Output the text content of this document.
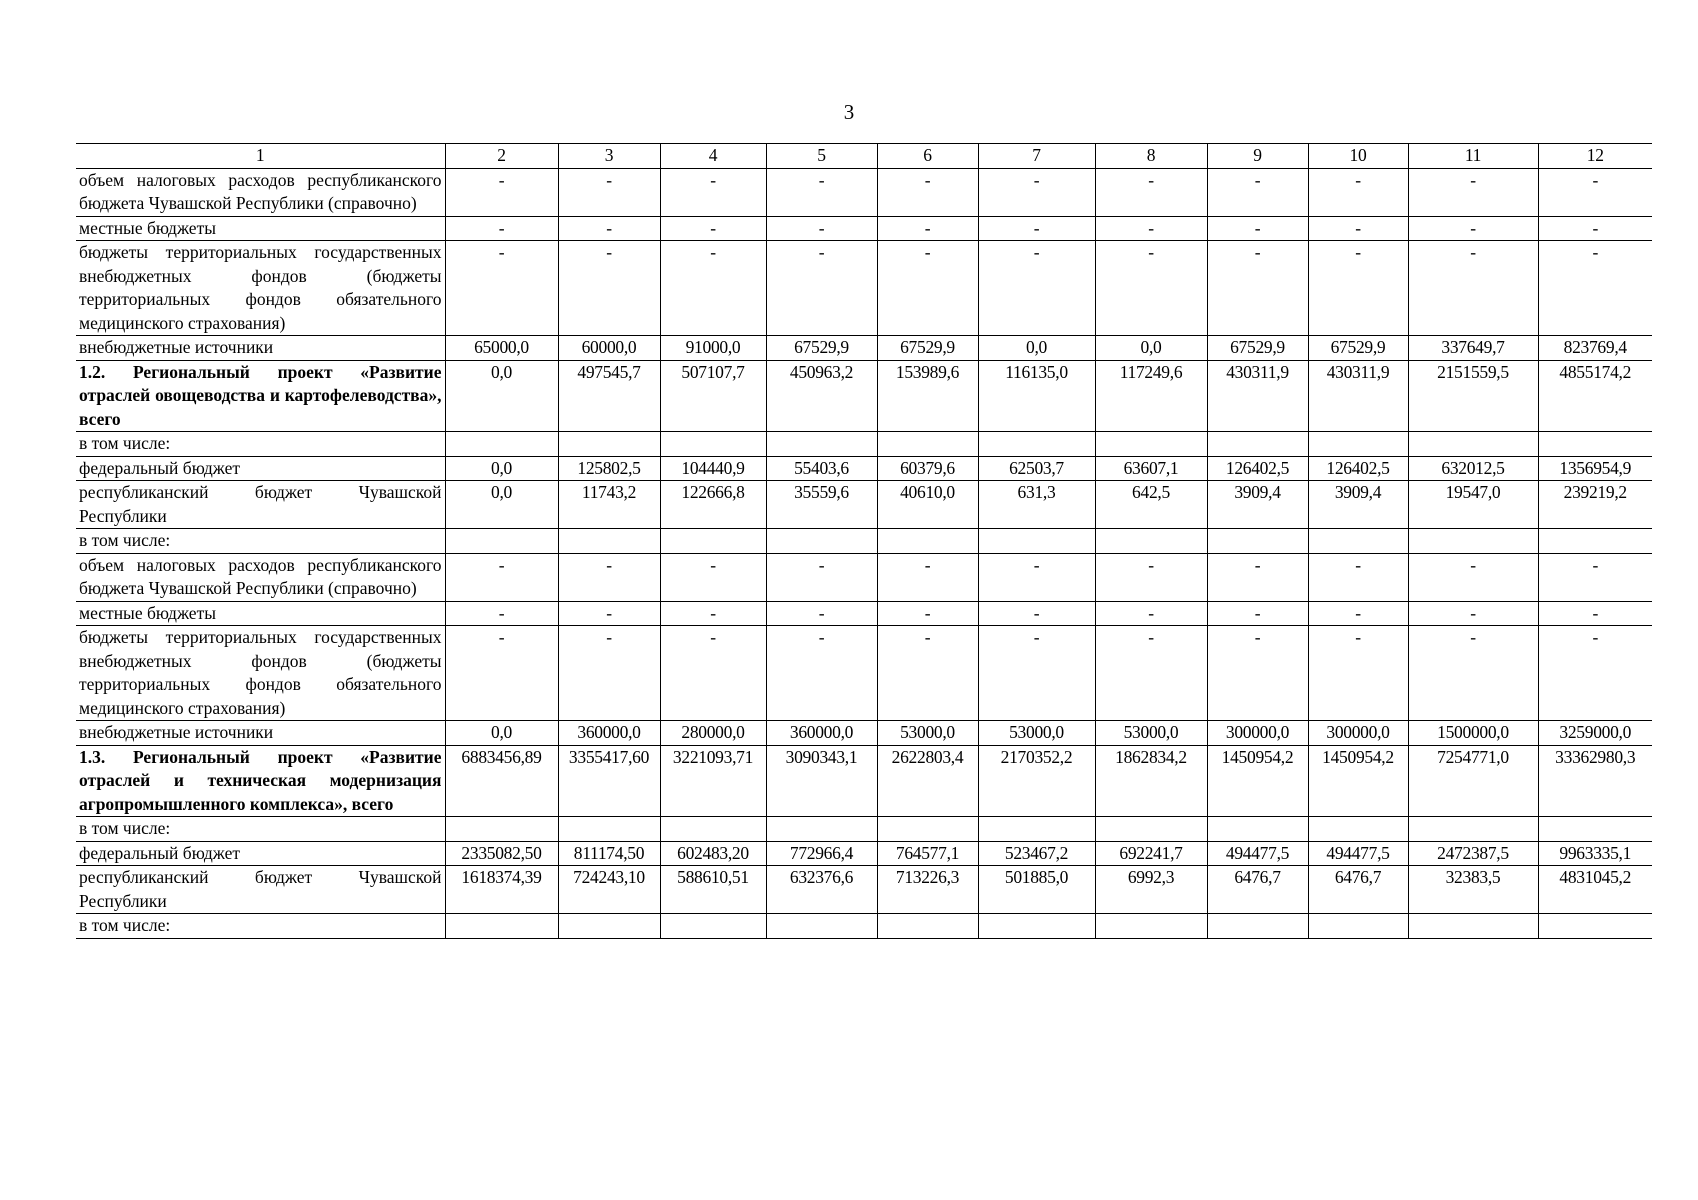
3
1	2	3	4	5	6	7	8	9	10	11	12
объем налоговых расходов республиканского бюджета Чувашской Республики (справочно)	-	-	-	-	-	-	-	-	-	-	-
местные бюджеты	-	-	-	-	-	-	-	-	-	-	-
бюджеты территориальных государственных внебюджетных фондов (бюджеты территориальных фондов обязательного медицинского страхования)	-	-	-	-	-	-	-	-	-	-	-
внебюджетные источники	65000,0	60000,0	91000,0	67529,9	67529,9	0,0	0,0	67529,9	67529,9	337649,7	823769,4
1.2. Региональный проект «Развитие отраслей овощеводства и картофелеводства», всего	0,0	497545,7	507107,7	450963,2	153989,6	116135,0	117249,6	430311,9	430311,9	2151559,5	4855174,2
в том числе:											
федеральный бюджет	0,0	125802,5	104440,9	55403,6	60379,6	62503,7	63607,1	126402,5	126402,5	632012,5	1356954,9
республиканский бюджет Чувашской Республики	0,0	11743,2	122666,8	35559,6	40610,0	631,3	642,5	3909,4	3909,4	19547,0	239219,2
в том числе:											
объем налоговых расходов республиканского бюджета Чувашской Республики (справочно)	-	-	-	-	-	-	-	-	-	-	-
местные бюджеты	-	-	-	-	-	-	-	-	-	-	-
бюджеты территориальных государственных внебюджетных фондов (бюджеты территориальных фондов обязательного медицинского страхования)	-	-	-	-	-	-	-	-	-	-	-
внебюджетные источники	0,0	360000,0	280000,0	360000,0	53000,0	53000,0	53000,0	300000,0	300000,0	1500000,0	3259000,0
1.3. Региональный проект «Развитие отраслей и техническая модернизация агропромышленного комплекса», всего	6883456,89	3355417,60	3221093,71	3090343,1	2622803,4	2170352,2	1862834,2	1450954,2	1450954,2	7254771,0	33362980,3
в том числе:											
федеральный бюджет	2335082,50	811174,50	602483,20	772966,4	764577,1	523467,2	692241,7	494477,5	494477,5	2472387,5	9963335,1
республиканский бюджет Чувашской Республики	1618374,39	724243,10	588610,51	632376,6	713226,3	501885,0	6992,3	6476,7	6476,7	32383,5	4831045,2
в том числе:											
